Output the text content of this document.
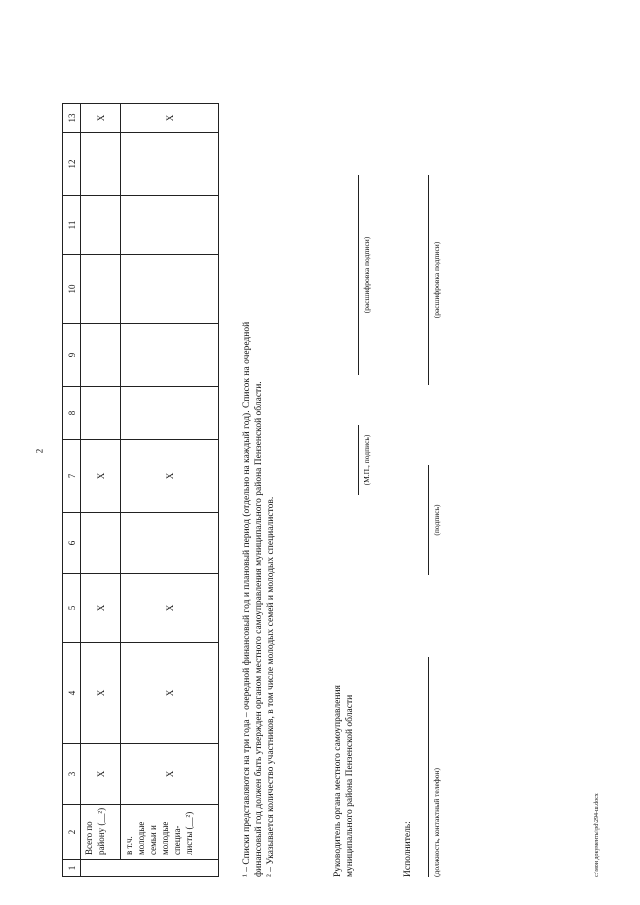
2
1	2	3	4	5	6	7	8	9	10	11	12	13
	Всего по району (__²)	X	X	X		X						X
	в т.ч. молодые семьи и молодые специа- листы (__²)	X	X	X		X						X
¹ – Списки представляются на три года – очередной финансовый год и плановый период (отдельно на каждый год). Список на очередной финансовый год должен быть утвержден органом местного самоуправления муниципального района Пензенской области. ² – Указывается количество участников, в том числе молодых семей и молодых специалистов.	Руководитель органа местного самоуправления муниципального района Пензенской области
(М.П., подпись)
(расшифровка подписи)
Исполнитель:	(должность, контактный телефон)
(подпись)
(расшифровка подписи)
c:\мои документы\pd\294-ш.docx
